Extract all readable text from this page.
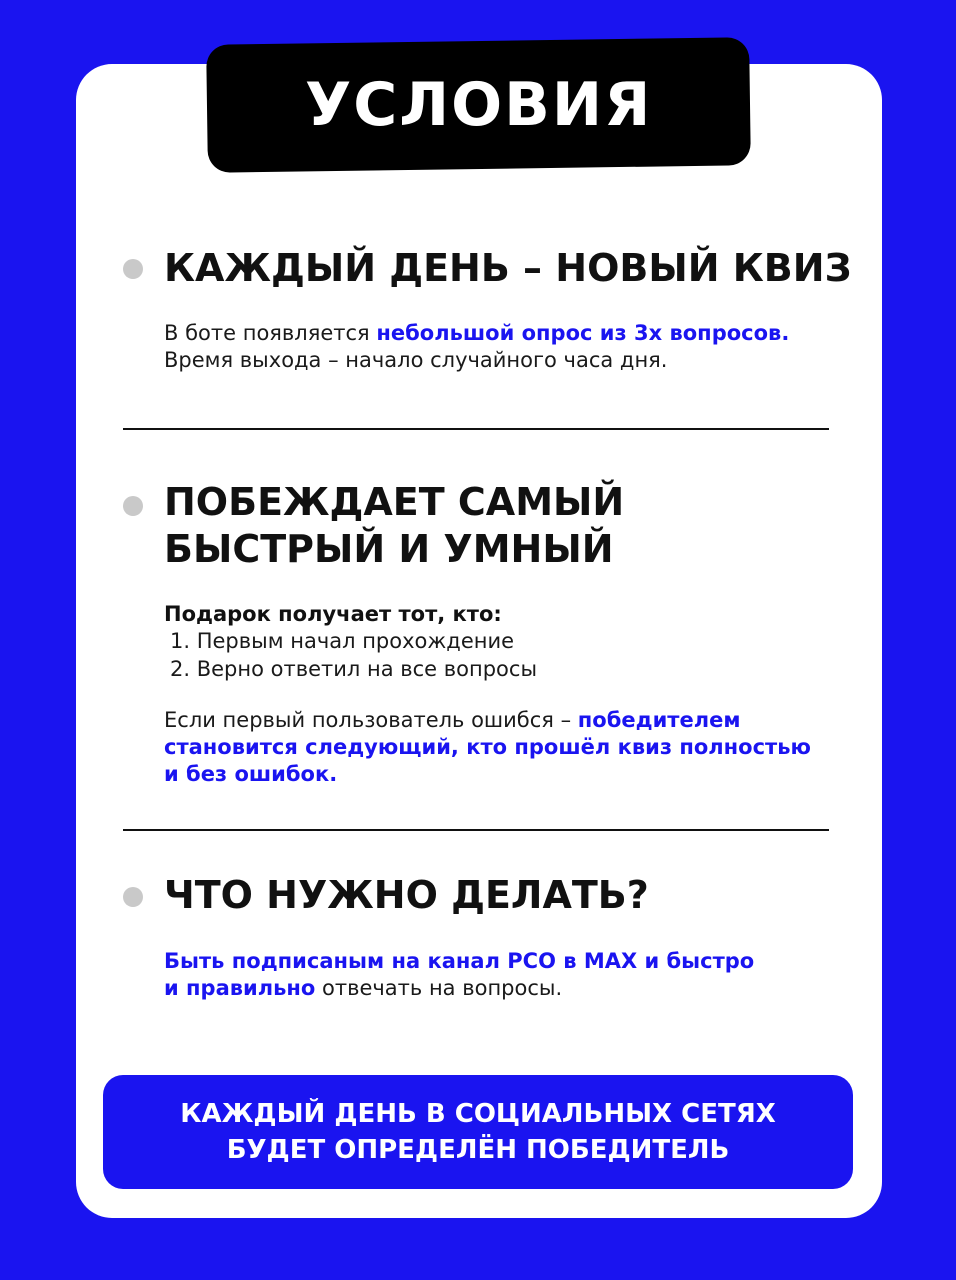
УСЛОВИЯ
КАЖДЫЙ ДЕНЬ – НОВЫЙ КВИЗ
В боте появляется небольшой опрос из 3х вопросов.
Время выхода – начало случайного часа дня.
ПОБЕЖДАЕТ САМЫЙ
БЫСТРЫЙ И УМНЫЙ
Подарок получает тот, кто:
1. Первым начал прохождение
2. Верно ответил на все вопросы
Если первый пользователь ошибся – победителем
становится следующий, кто прошёл квиз полностью
и без ошибок.
ЧТО НУЖНО ДЕЛАТЬ?
Быть подписаным на канал РСО в MAX и быстро
и правильно отвечать на вопросы.
КАЖДЫЙ ДЕНЬ В СОЦИАЛЬНЫХ СЕТЯХ
БУДЕТ ОПРЕДЕЛЁН ПОБЕДИТЕЛЬ
